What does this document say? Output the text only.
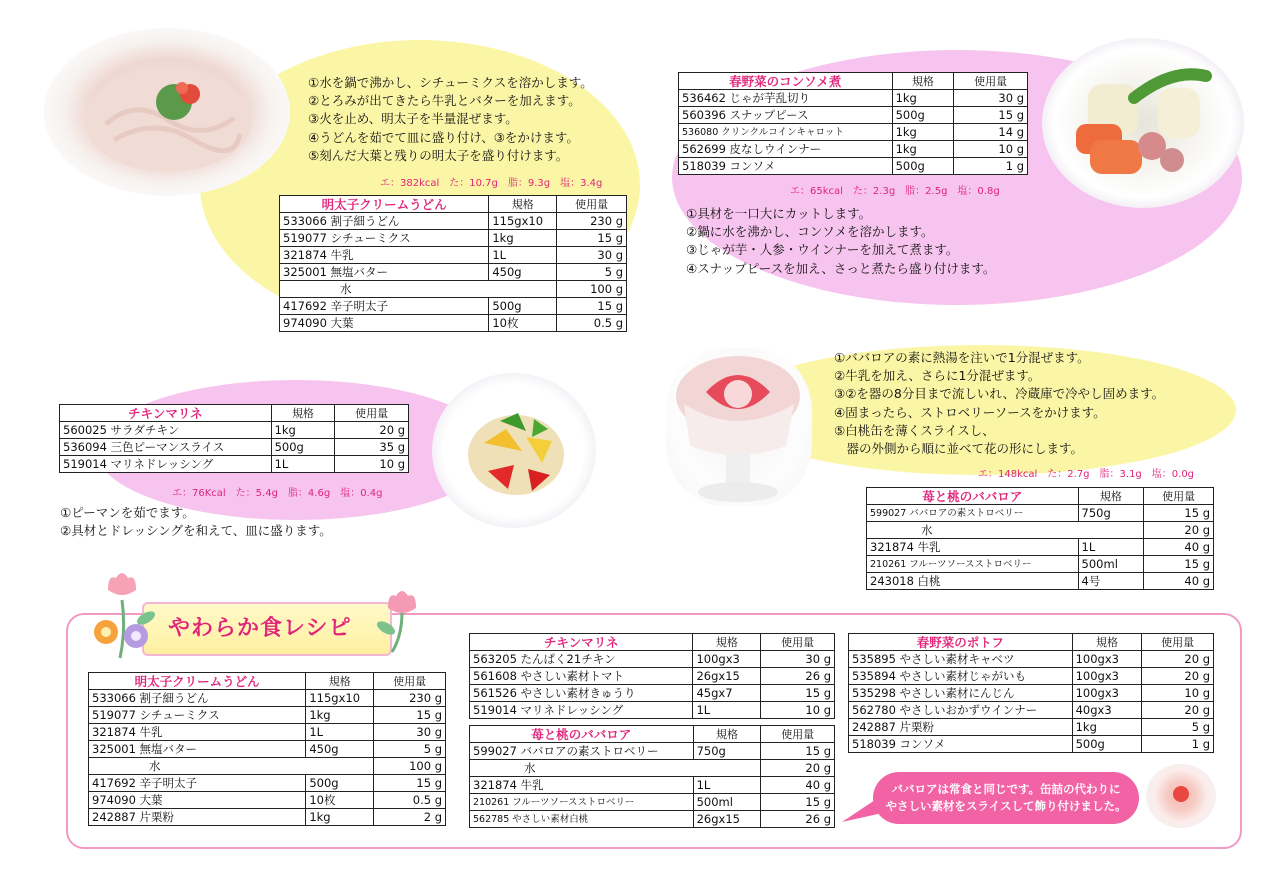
①水を鍋で沸かし、シチューミクスを溶かします。
②とろみが出てきたら牛乳とバターを加えます。
③火を止め、明太子を半量混ぜます。
④うどんを茹でて皿に盛り付け、③をかけます。
⑤刻んだ大葉と残りの明太子を盛り付けます。
エ：382kcal　た：10.7g　脂：9.3g　塩：3.4g
明太子クリームうどん	規格	使用量
533066 割子細うどん	115gx10	230 g
519077 シチューミクス	1kg	15 g
321874 牛乳	1L	30 g
325001 無塩バター	450g	5 g
水		100 g
417692 辛子明太子	500g	15 g
974090 大葉	10枚	0.5 g
春野菜のコンソメ煮	規格	使用量
536462 じゃが芋乱切り	1kg	30 g
560396 スナップピース	500g	15 g
536080 クリンクルコインキャロット	1kg	14 g
562699 皮なしウインナー	1kg	10 g
518039 コンソメ	500g	1 g
エ：65kcal　た：2.3g　脂：2.5g　塩：0.8g
①具材を一口大にカットします。
②鍋に水を沸かし、コンソメを溶かします。
③じゃが芋・人参・ウインナーを加えて煮ます。
④スナップピースを加え、さっと煮たら盛り付けます。
チキンマリネ	規格	使用量
560025 サラダチキン	1kg	20 g
536094 三色ピーマンスライス	500g	35 g
519014 マリネドレッシング	1L	10 g
エ：76Kcal　た：5.4g　脂：4.6g　塩：0.4g
①ピーマンを茹でます。
②具材とドレッシングを和えて、皿に盛ります。
①ババロアの素に熱湯を注いで1分混ぜます。
②牛乳を加え、さらに1分混ぜます。
③②を器の8分目まで流しいれ、冷蔵庫で冷やし固めます。
④固まったら、ストロベリーソースをかけます。
⑤白桃缶を薄くスライスし、
　器の外側から順に並べて花の形にします。
エ：148kcal　た：2.7g　脂：3.1g　塩：0.0g
苺と桃のババロア	規格	使用量
599027 ババロアの素ストロベリー	750g	15 g
水		20 g
321874 牛乳	1L	40 g
210261 フルーツソースストロベリー	500ml	15 g
243018 白桃	4号	40 g
やわらか食レシピ
明太子クリームうどん	規格	使用量
533066 割子細うどん	115gx10	230 g
519077 シチューミクス	1kg	15 g
321874 牛乳	1L	30 g
325001 無塩バター	450g	5 g
水		100 g
417692 辛子明太子	500g	15 g
974090 大葉	10枚	0.5 g
242887 片栗粉	1kg	2 g
チキンマリネ	規格	使用量
563205 たんぱく21チキン	100gx3	30 g
561608 やさしい素材トマト	26gx15	26 g
561526 やさしい素材きゅうり	45gx7	15 g
519014 マリネドレッシング	1L	10 g
苺と桃のババロア	規格	使用量
599027 ババロアの素ストロベリー	750g	15 g
水		20 g
321874 牛乳	1L	40 g
210261 フルーツソースストロベリー	500ml	15 g
562785 やさしい素材白桃	26gx15	26 g
春野菜のポトフ	規格	使用量
535895 やさしい素材キャベツ	100gx3	20 g
535894 やさしい素材じゃがいも	100gx3	20 g
535298 やさしい素材にんじん	100gx3	10 g
562780 やさしいおかずウインナー	40gx3	20 g
242887 片栗粉	1kg	5 g
518039 コンソメ	500g	1 g
ババロアは常食と同じです。缶詰の代わりに
やさしい素材をスライスして飾り付けました。
